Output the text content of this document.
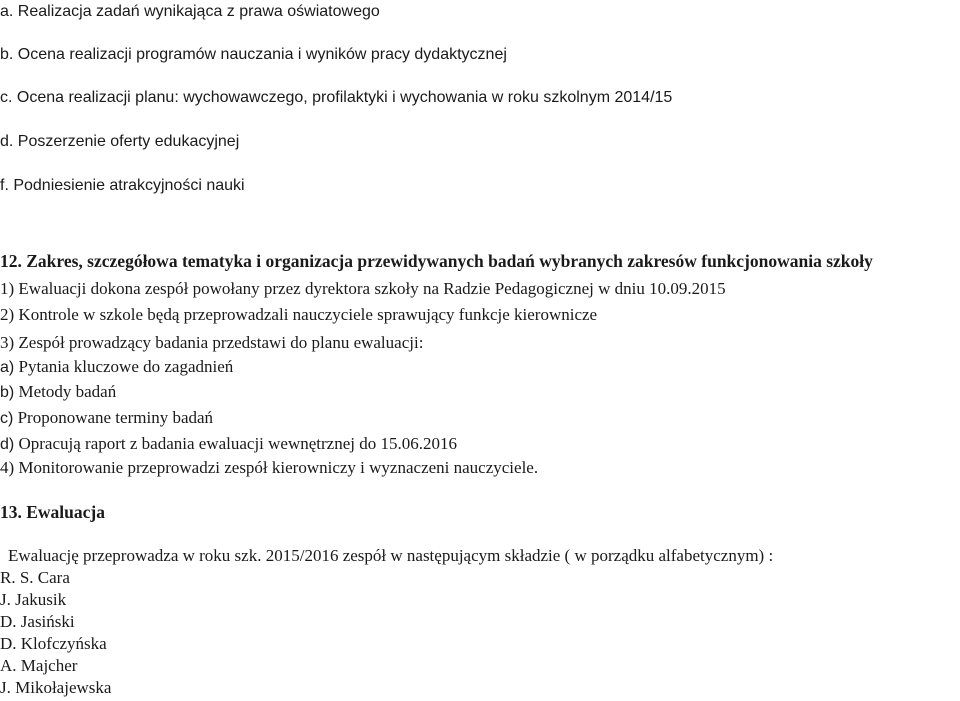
a. Realizacja zadań wynikająca z prawa oświatowego
b. Ocena realizacji programów nauczania i wyników pracy dydaktycznej
c. Ocena realizacji planu: wychowawczego, profilaktyki i wychowania w roku szkolnym 2014/15
d. Poszerzenie oferty edukacyjnej
f. Podniesienie atrakcyjności nauki
12. Zakres, szczegółowa tematyka i organizacja przewidywanych badań wybranych zakresów funkcjonowania szkoły
1) Ewaluacji dokona zespół powołany przez dyrektora szkoły na Radzie Pedagogicznej w dniu 10.09.2015
2) Kontrole w szkole będą przeprowadzali nauczyciele sprawujący funkcje kierownicze
3) Zespół prowadzący badania przedstawi do planu ewaluacji:
a) Pytania kluczowe do zagadnień
b) Metody badań
c) Proponowane terminy badań
d) Opracują raport z badania ewaluacji wewnętrznej do 15.06.2016
4) Monitorowanie przeprowadzi zespół kierowniczy i wyznaczeni nauczyciele.
13. Ewaluacja
Ewaluację przeprowadza w roku szk. 2015/2016 zespół w następującym składzie ( w porządku alfabetycznym) :
R. S. Cara
J. Jakusik
D. Jasiński
D. Klofczyńska
A. Majcher
J. Mikołajewska
